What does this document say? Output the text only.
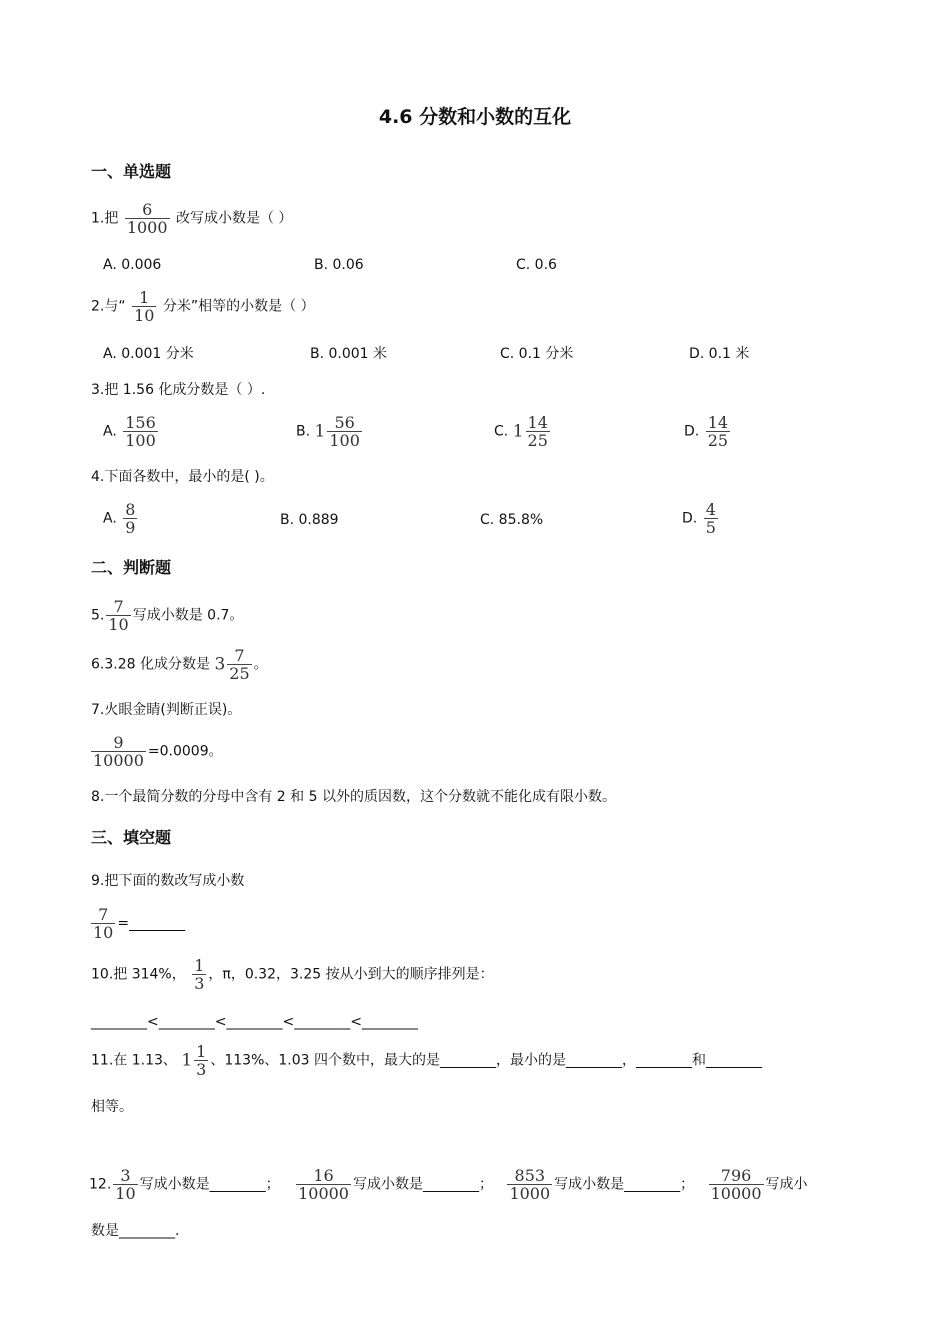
4.6 分数和小数的互化
一、单选题
1.把 $\frac{6}{1000}$ 改写成小数是（ ）
A. 0.006	B. 0.06	C. 0.6
2.与“ $\frac{1}{10}$ 分米”相等的小数是（ ）
A. 0.001 分米	B. 0.001 米	C. 0.1 分米	D. 0.1 米
3.把 1.56 化成分数是（ ）.
A. $\frac{156}{100}$	B. $1 \frac{56}{100}$	C. $1 \frac{14}{25}$	D. $\frac{14}{25}$
4.下面各数中，最小的是( )。
A. $\frac{8}{9}$	B. 0.889	C. 85.8%	D. $\frac{4}{5}$
二、判断题
5. $\frac{7}{10}$ 写成小数是 0.7。
6.3.28 化成分数是 $3 \frac{7}{25}$ 。
7.火眼金睛(判断正误)。
$\frac{9}{10000} =0.0009$。
8.一个最简分数的分母中含有 2 和 5 以外的质因数，这个分数就不能化成有限小数。
三、填空题
9.把下面的数改写成小数
$\frac{7}{10}$ =________
10.把 314%， $\frac{1}{3}$ ，π，0.32，3.25 按从小到大的顺序排列是：
________<________<________<________<________
11.在 1.13、 $1 \frac{1}{3}$ 、113%、1.03 四个数中，最大的是________，最小的是________，________和________
相等。
12. $\frac{3}{10}$ 写成小数是________； $\frac{16}{10000}$ 写成小数是________； $\frac{853}{1000}$ 写成小数是________； $\frac{796}{10000}$ 写成小
数是________.
